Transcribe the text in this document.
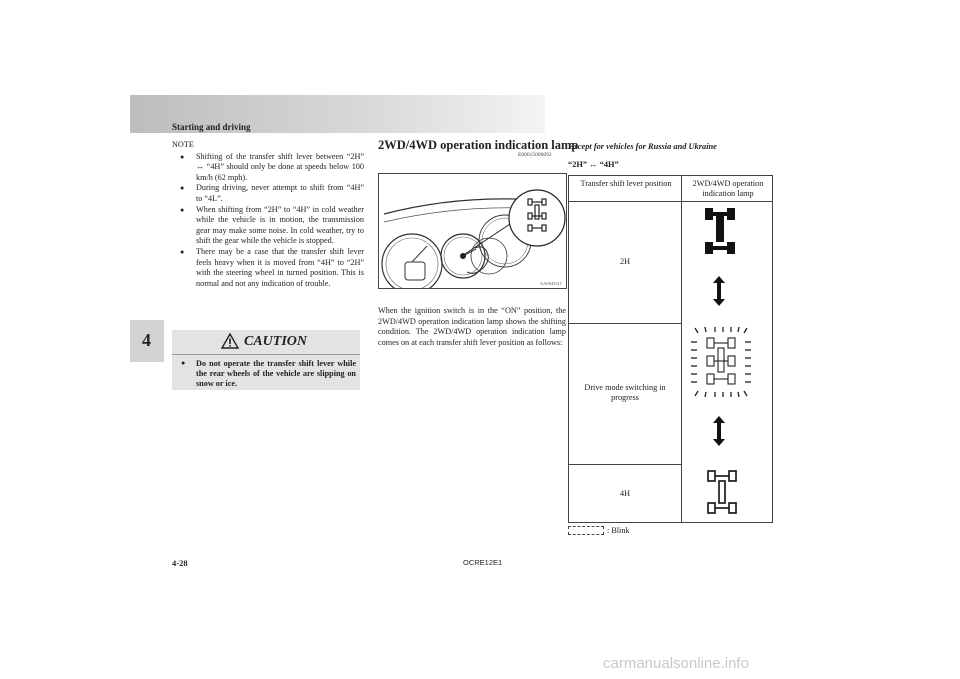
Starting and driving
4
NOTE
● Shifting of the transfer shift lever between “2H” ↔ “4H” should only be done at speeds below 100 km/h (62 mph).
● During driving, never attempt to shift from “4H” to “4L”.
● When shifting from “2H” to “4H” in cold weather while the vehicle is in motion, the transmission gear may make some noise. In cold weather, try to shift the gear while the vehicle is stopped.
● There may be a case that the transfer shift lever feels heavy when it is moved from “4H” to “2H” with the steering wheel in turned position. This is normal and not any indication of trouble.
CAUTION
● Do not operate the transfer shift lever while the rear wheels of the vehicle are slipping on snow or ice.
2WD/4WD operation indication lamp
E00615000092
AA0045311
When the ignition switch is in the “ON” position, the 2WD/4WD operation indication lamp shows the shifting condition. The 2WD/4WD operation indication lamp comes on at each transfer shift lever position as follows:
Except for vehicles for Russia and Ukraine
“2H” ↔ “4H”
Transfer shift lever position	2WD/4WD operation indication lamp
2H
Drive mode switching in progress
4H
: Blink
4-28	OCRE12E1
carmanualsonline.info
